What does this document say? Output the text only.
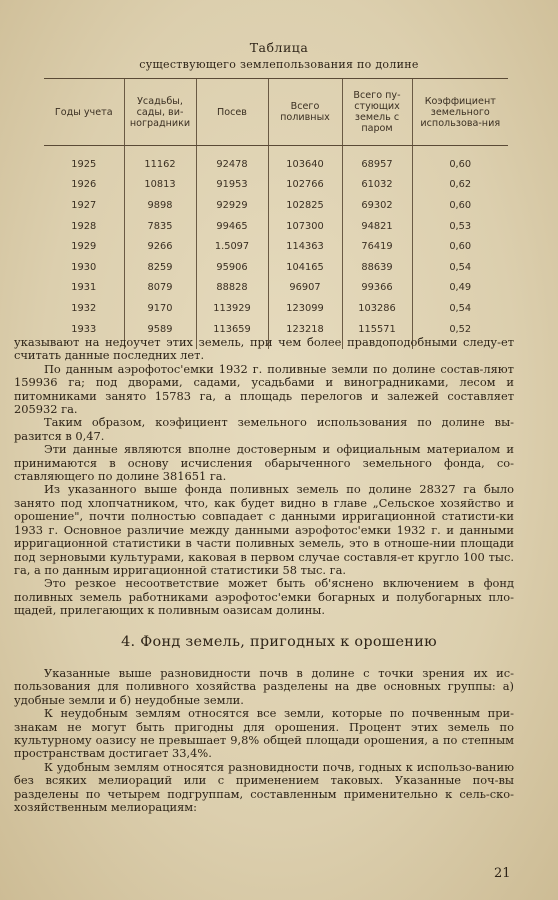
Таблица
существующего землепользования по долине
Годы учета	Усадьбы, сады, ви-ноградники	Посев	Всего поливных	Всего пу-стующих земель с паром	Коэффициент земельного использова-ния
1925	11162	92478	103640	68957	0,60
1926	10813	91953	102766	61032	0,62
1927	9898	92929	102825	69302	0,60
1928	7835	99465	107300	94821	0,53
1929	9266	1.5097	114363	76419	0,60
1930	8259	95906	104165	88639	0,54
1931	8079	88828	96907	99366	0,49
1932	9170	113929	123099	103286	0,54
1933	9589	113659	123218	115571	0,52

указывают на недоучет этих земель, при чем более правдоподобными следу-ет считать данные последних лет.

По данным аэрофотос'емки 1932 г. поливные земли по долине состав-ляют 159936 га; под дворами, садами, усадьбами и виноградниками, лесом и питомниками занято 15783 га, а площадь перелогов и залежей составляет 205932 га.

Таким образом, коэфициент земельного использования по долине вы-разится в 0,47.

Эти данные являются вполне достоверным и официальным материалом и принимаются в основу исчисления обарыченного земельного фонда, со-ставляющего по долине 381651 га.

Из указанного выше фонда поливных земель по долине 28327 га было занято под хлопчатником, что, как будет видно в главе „Сельское хозяйство и орошение", почти полностью совпадает с данными ирригационной статисти-ки 1933 г. Основное различие между данными аэрофотос'емки 1932 г. и данными ирригационной статистики в части поливных земель, это в отноше-нии площади под зерновыми культурами, каковая в первом случае составля-ет круглo 100 тыс. га, а по данным ирригационной статистики 58 тыс. га.

Это резкое несоответствие может быть об'яснено включением в фонд поливных земель работниками аэрофотос'емки богарных и полубогарных пло-щадей, прилегающих к поливным оазисам долины.

4. Фонд земель, пригодных к орошению

Указанные выше разновидности почв в долине с точки зрения их ис-пользования для поливного хозяйства разделены на две основных группы: а) удобные земли и б) неудобные земли.

К неудобным землям относятся все земли, которые по почвенным при-знакам не могут быть пригодны для орошения. Процент этих земель по культурному оазису не превышает 9,8% общей площади орошения, а по степным пространствам достигает 33,4%.

К удобным землям относятся разновидности почв, годных к использо-ванию без всяких мелиораций или с применением таковых. Указанные поч-вы разделены по четырем подгруппам, составленным применительно к сель-ско-хозяйственным мелиорациям:

21
